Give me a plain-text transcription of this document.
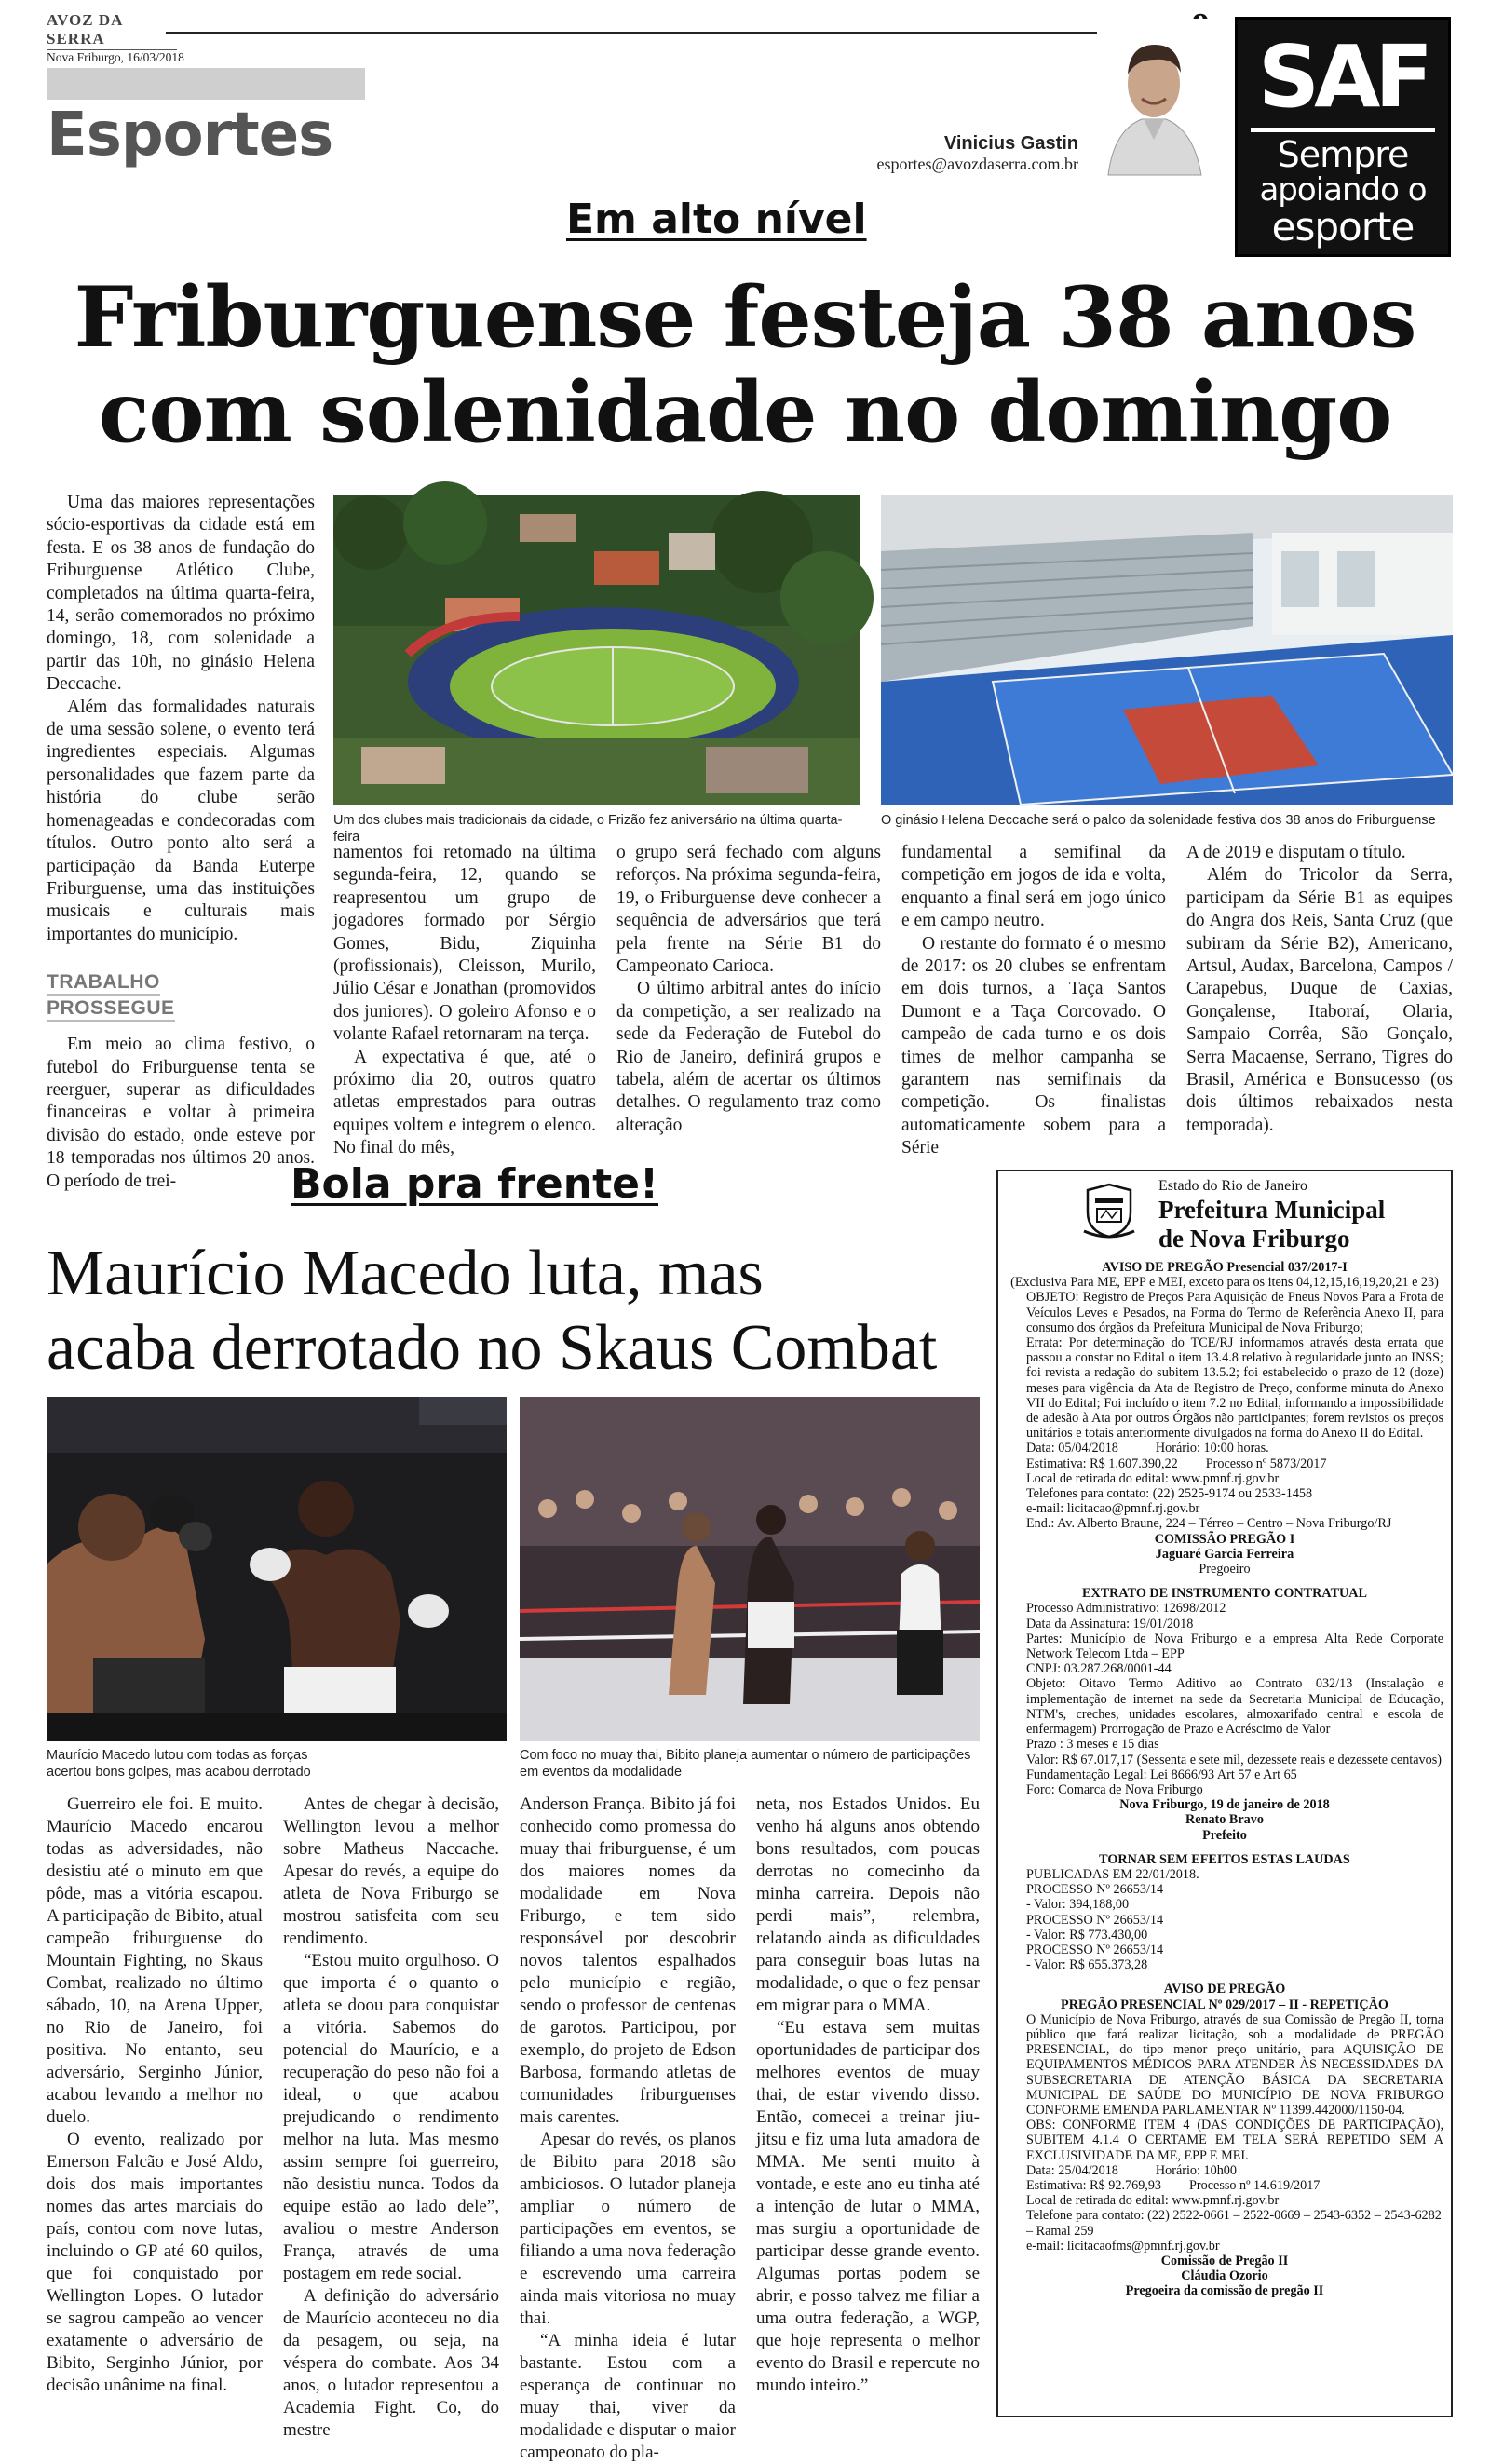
AVOZ DA SERRA
Nova Friburgo, 16/03/2018
Esportes	Vinicius Gastin
esportes@avozdaserra.com.br
SAF
Sempre
apoiando o
esporte
Em alto nível
Friburguense festeja 38 anos
com solenidade no domingo

Uma das maiores representações sócio-esportivas da cidade está em festa. E os 38 anos de fundação do Friburguense Atlético Clube, completados na última quarta-feira, 14, serão comemorados no próximo domingo, 18, com solenidade a partir das 10h, no ginásio Helena Deccache.

Além das formalidades naturais de uma sessão solene, o evento terá ingredientes especiais. Algumas personalidades que fazem parte da história do clube serão homenageadas e condecoradas com títulos. Outro ponto alto será a participação da Banda Euterpe Friburguense, uma das instituições musicais e culturais mais importantes do município.

TRABALHO
PROSSEGUE

Em meio ao clima festivo, o futebol do Friburguense tenta se reerguer, superar as dificuldades financeiras e voltar à primeira divisão do estado, onde esteve por 18 temporadas nos últimos 20 anos. O período de trei-

Um dos clubes mais tradicionais da cidade, o Frizão fez aniversário na última quarta-feira
O ginásio Helena Deccache será o palco da solenidade festiva dos 38 anos do Friburguense

namentos foi retomado na última segunda-feira, 12, quando se reapresentou um grupo de jogadores formado por Sérgio Gomes, Bidu, Ziquinha (profissionais), Cleisson, Murilo, Júlio César e Jonathan (promovidos dos juniores). O goleiro Afonso e o volante Rafael retornaram na terça.

A expectativa é que, até o próximo dia 20, outros quatro atletas emprestados para outras equipes voltem e integrem o elenco. No final do mês,

o grupo será fechado com alguns reforços. Na próxima segunda-feira, 19, o Friburguense deve conhecer a sequência de adversários que terá pela frente na Série B1 do Campeonato Carioca.

O último arbitral antes do início da competição, a ser realizado na sede da Federação de Futebol do Rio de Janeiro, definirá grupos e tabela, além de acertar os últimos detalhes. O regulamento traz como alteração

fundamental a semifinal da competição em jogos de ida e volta, enquanto a final será em jogo único e em campo neutro.

O restante do formato é o mesmo de 2017: os 20 clubes se enfrentam em dois turnos, a Taça Santos Dumont e a Taça Corcovado. O campeão de cada turno e os dois times de melhor campanha se garantem nas semifinais da competição. Os finalistas automaticamente sobem para a Série

A de 2019 e disputam o título.

Além do Tricolor da Serra, participam da Série B1 as equipes do Angra dos Reis, Santa Cruz (que subiram da Série B2), Americano, Artsul, Audax, Barcelona, Campos / Carapebus, Duque de Caxias, Gonçalense, Itaboraí, Olaria, Sampaio Corrêa, São Gonçalo, Serra Macaense, Serrano, Tigres do Brasil, América e Bonsucesso (os dois últimos rebaixados nesta temporada).

Bola pra frente!
Maurício Macedo luta, mas
acaba derrotado no Skaus Combat
Maurício Macedo lutou com todas as forças acertou bons golpes, mas acabou derrotado
Com foco no muay thai, Bibito planeja aumentar o número de participações em eventos da modalidade

Guerreiro ele foi. E muito. Maurício Macedo encarou todas as adversidades, não desistiu até o minuto em que pôde, mas a vitória escapou. A participação de Bibito, atual campeão friburguense do Mountain Fighting, no Skaus Combat, realizado no último sábado, 10, na Arena Upper, no Rio de Janeiro, foi positiva. No entanto, seu adversário, Serginho Júnior, acabou levando a melhor no duelo.

O evento, realizado por Emerson Falcão e José Aldo, dois dos mais importantes nomes das artes marciais do país, contou com nove lutas, incluindo o GP até 60 quilos, que foi conquistado por Wellington Lopes. O lutador se sagrou campeão ao vencer exatamente o adversário de Bibito, Serginho Júnior, por decisão unânime na final.

Antes de chegar à decisão, Wellington levou a melhor sobre Matheus Naccache. Apesar do revés, a equipe do atleta de Nova Friburgo se mostrou satisfeita com seu rendimento.

“Estou muito orgulhoso. O que importa é o quanto o atleta se doou para conquistar a vitória. Sabemos do potencial do Maurício, e a recuperação do peso não foi a ideal, o que acabou prejudicando o rendimento melhor na luta. Mas mesmo assim sempre foi guerreiro, não desistiu nunca. Todos da equipe estão ao lado dele”, avaliou o mestre Anderson França, através de uma postagem em rede social.

A definição do adversário de Maurício aconteceu no dia da pesagem, ou seja, na véspera do combate. Aos 34 anos, o lutador representou a Academia Fight. Co, do mestre

Anderson França. Bibito já foi conhecido como promessa do muay thai friburguense, é um dos maiores nomes da modalidade em Nova Friburgo, e tem sido responsável por descobrir novos talentos espalhados pelo município e região, sendo o professor de centenas de garotos. Participou, por exemplo, do projeto de Edson Barbosa, formando atletas de comunidades friburguenses mais carentes.

Apesar do revés, os planos de Bibito para 2018 são ambiciosos. O lutador planeja ampliar o número de participações em eventos, se filiando a uma nova federação e escrevendo uma carreira ainda mais vitoriosa no muay thai.

“A minha ideia é lutar bastante. Estou com a esperança de continuar no muay thai, viver da modalidade e disputar o maior campeonato do pla-

neta, nos Estados Unidos. Eu venho há alguns anos obtendo bons resultados, com poucas derrotas no comecinho da minha carreira. Depois não perdi mais”, relembra, relatando ainda as dificuldades para conseguir boas lutas na modalidade, o que o fez pensar em migrar para o MMA.

“Eu estava sem muitas oportunidades de participar dos melhores eventos de muay thai, de estar vivendo disso. Então, comecei a treinar jiu-jitsu e fiz uma luta amadora de MMA. Me senti muito à vontade, e este ano eu tinha até a intenção de lutar o MMA, mas surgiu a oportunidade de participar desse grande evento. Algumas portas podem se abrir, e posso talvez me filiar a uma outra federação, a WGP, que hoje representa o melhor evento do Brasil e repercute no mundo inteiro.”

Estado do Rio de Janeiro
Prefeitura Municipal
de Nova Friburgo
AVISO DE PREGÃO Presencial 037/2017-I
(Exclusiva Para ME, EPP e MEI, exceto para os itens 04,12,15,16,19,20,21 e 23)
OBJETO: Registro de Preços Para Aquisição de Pneus Novos Para a Frota de Veículos Leves e Pesados, na Forma do Termo de Referência Anexo II, para consumo dos órgãos da Prefeitura Municipal de Nova Friburgo;
Errata: Por determinação do TCE/RJ informamos através desta errata que passou a constar no Edital o item 13.4.8 relativo à regularidade junto ao INSS; foi revista a redação do subitem 13.5.2; foi estabelecido o prazo de 12 (doze) meses para vigência da Ata de Registro de Preço, conforme minuta do Anexo VII do Edital; Foi incluído o item 7.2 no Edital, informando a impossibilidade de adesão à Ata por outros Órgãos não participantes; forem revistos os preços unitários e totais anteriormente divulgados na forma do Anexo II do Edital.
Data: 05/04/2018	Horário: 10:00 horas.
Estimativa: R$ 1.607.390,22 Processo nº 5873/2017
Local de retirada do edital: www.pmnf.rj.gov.br
Telefones para contato: (22) 2525-9174 ou 2533-1458
e-mail: licitacao@pmnf.rj.gov.br
End.: Av. Alberto Braune, 224 – Térreo – Centro – Nova Friburgo/RJ
COMISSÃO PREGÃO I
Jaguaré Garcia Ferreira
Pregoeiro
EXTRATO DE INSTRUMENTO CONTRATUAL
Processo Administrativo: 12698/2012
Data da Assinatura: 19/01/2018
Partes: Município de Nova Friburgo e a empresa Alta Rede Corporate Network Telecom Ltda – EPP
CNPJ: 03.287.268/0001-44
Objeto: Oitavo Termo Aditivo ao Contrato 032/13 (Instalação e implementação de internet na sede da Secretaria Municipal de Educação, NTM's, creches, unidades escolares, almoxarifado central e escola de enfermagem) Prorrogação de Prazo e Acréscimo de Valor
Prazo : 3 meses e 15 dias
Valor: R$ 67.017,17 (Sessenta e sete mil, dezessete reais e dezessete centavos)
Fundamentação Legal: Lei 8666/93 Art 57 e Art 65
Foro: Comarca de Nova Friburgo
Nova Friburgo, 19 de janeiro de 2018
Renato Bravo
Prefeito
TORNAR SEM EFEITOS ESTAS LAUDAS
PUBLICADAS EM 22/01/2018.
PROCESSO Nº 26653/14
- Valor: 394,188,00
PROCESSO Nº 26653/14
- Valor: R$ 773.430,00
PROCESSO Nº 26653/14
- Valor: R$ 655.373,28
AVISO DE PREGÃO
PREGÃO PRESENCIAL Nº 029/2017 – II - REPETIÇÃO
O Município de Nova Friburgo, através de sua Comissão de Pregão II, torna público que fará realizar licitação, sob a modalidade de PREGÃO PRESENCIAL, do tipo menor preço unitário, para AQUISIÇÃO DE EQUIPAMENTOS MÉDICOS PARA ATENDER ÀS NECESSIDADES DA SUBSECRETARIA DE ATENÇÃO BÁSICA DA SECRETARIA MUNICIPAL DE SAÚDE DO MUNICÍPIO DE NOVA FRIBURGO CONFORME EMENDA PARLAMENTAR Nº 11399.442000/1150-04.
OBS: CONFORME ITEM 4 (DAS CONDIÇÕES DE PARTICIPAÇÃO), SUBITEM 4.1.4 O CERTAME EM TELA SERÁ REPETIDO SEM A EXCLUSIVIDADE DA ME, EPP E MEI.
Data: 25/04/2018	Horário: 10h00
Estimativa: R$ 92.769,93 Processo nº 14.619/2017
Local de retirada do edital: www.pmnf.rj.gov.br
Telefone para contato: (22) 2522-0661 – 2522-0669 – 2543-6352 – 2543-6282 – Ramal 259
e-mail: licitacaofms@pmnf.rj.gov.br
Comissão de Pregão II
Cláudia Ozorio
Pregoeira da comissão de pregão II
